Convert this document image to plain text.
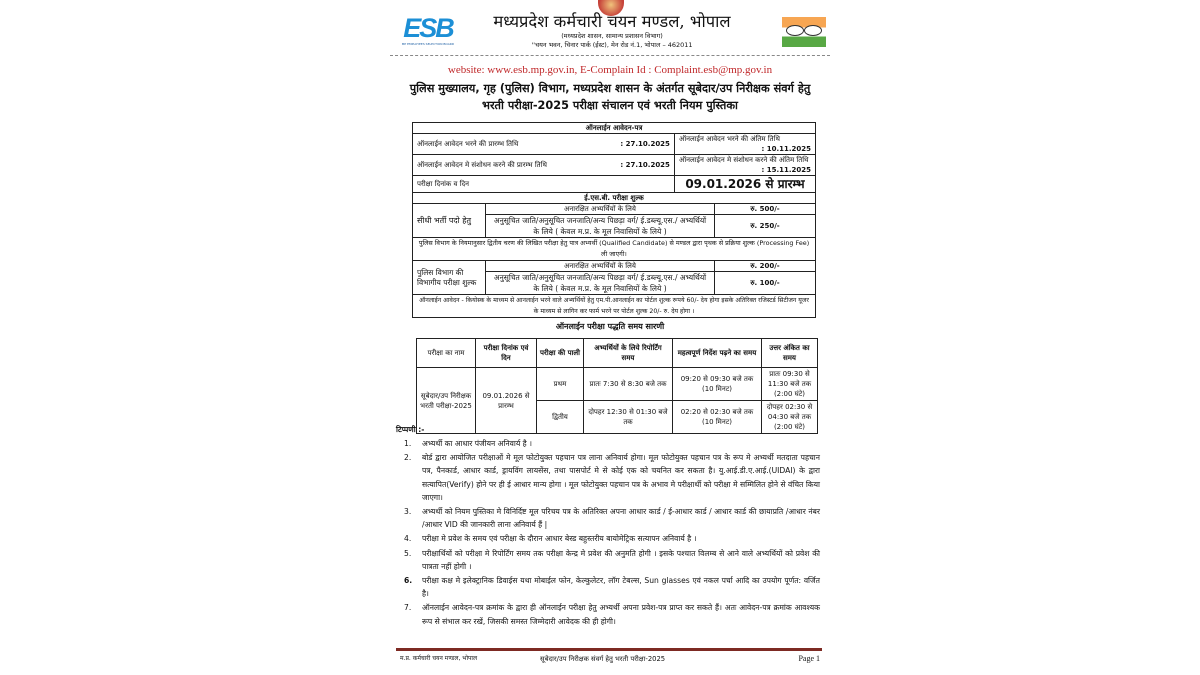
ESB
MP EMPLOYEES SELECTION BOARD
मध्यप्रदेश कर्मचारी चयन मण्डल, भोपाल
(मध्यप्रदेश शासन, सामान्य प्रशासन विभाग)
''चयन भवन, चिनार पार्क (ईस्ट), मेन रोड नं.1, भोपाल – 462011
website: www.esb.mp.gov.in, E-Complain Id : Complaint.esb@mp.gov.in
पुलिस मुख्यालय, गृह (पुलिस) विभाग, मध्यप्रदेश शासन के अंतर्गत सूबेदार/उप निरीक्षक संवर्ग हेतु
भरती परीक्षा-2025 परीक्षा संचालन एवं भरती नियम पुस्तिका
ऑनलाईन आवेदन-पत्र			
ऑनलाईन आवेदन भरने की प्रारम्भ तिथि : 27.10.2025		ऑनलाईन आवेदन भरने की अंतिम तिथि
: 10.11.2025	

ऑनलाईन आवेदन मे संशोधन करने की प्रारम्भ तिथि : 27.10.2025		ऑनलाईन आवेदन मे संशोधन करने की अंतिम तिथि
: 15.11.2025	

परीक्षा दिनांक व दिन		09.01.2026 से प्रारम्भ	
ई.एस.बी. परीक्षा शुल्क			
सीधी भर्ती पदो हेतु	अनारक्षित अभ्यर्थियों के लिये		रु. 500/-
	अनुसूचित जाति/अनुसूचित जनजाति/अन्य पिछड़ा वर्ग/ ई.डब्ल्यू.एस./ अभ्यर्थियों के लिये ( केवल म.प्र. के मूल निवासियों के लिये )		रु. 250/-
पुलिस विभाग के नियमानुसार द्वितीय चरण की लिखित परीक्षा हेतु पात्र अभ्यर्थी (Qualified Candidate) से मण्डल द्वारा पृथक से प्रक्रिया शुल्क (Processing Fee) ली जाएगी।			
पुलिस विभाग की विभागीय परीक्षा शुल्क	अनारक्षित अभ्यर्थियों के लिये		रु. 200/-
	अनुसूचित जाति/अनुसूचित जनजाति/अन्य पिछड़ा वर्ग/ ई.डब्ल्यू.एस./ अभ्यर्थियों के लिये ( केवल म.प्र. के मूल निवासियों के लिये )		रु. 100/-
ऑनलाईन आवेदन - कियोस्क के माध्यम से आनलाईन भरने वाले अभ्यर्थियों हेतु एम.पी.आनलाईन का पोर्टल शुल्क रूपये 60/- देय होगा इसके अतिरिक्त रजिस्टर्ड सिटीजन यूजर के माध्यम से लागिन कर फार्म भरने पर पोर्टल शुल्क 20/- रु. देय होगा ।			
ऑनलाईन परीक्षा पद्धति समय सारणी
परीक्षा का नाम	परीक्षा दिनांक एवं दिन	परीक्षा की पाली	अभ्यर्थियों के लिये रिपोर्टिंग समय	महत्वपूर्ण निर्देश पढ़ने का समय	उत्तर अंकित का समय
सूबेदार/उप निरीक्षक भरती परीक्षा-2025	09.01.2026 से प्रारम्भ	प्रथम	प्रातः 7:30 से 8:30 बजे तक	09:20 से 09:30 बजे तक (10 मिनट)	प्रातः 09:30 से 11:30 बजे तक (2:00 घंटे)
		द्वितीय	दोपहर 12:30 से 01:30 बजे तक	02:20 से 02:30 बजे तक (10 मिनट)	दोपहर 02:30 से 04:30 बजे तक (2:00 घंटे)
टिप्पणी :-
1. अभ्यर्थी का आधार पंजीयन अनिवार्य है ।
2. बोर्ड द्वारा आयोजित परीक्षाओं मे मूल फोटोयुक्त पहचान पत्र लाना अनिवार्य होगा। मूल फोटोयुक्त पहचान पत्र के रूप मे अभ्यर्थी मतदाता पहचान पत्र, पैनकार्ड, आधार कार्ड, ड्रायविंग लायसेंस, तथा पासपोर्ट मे से कोई एक को चयनित कर सकता है। यु.आई.डी.ए.आई.(UIDAI) के द्वारा सत्यापित(Verify) होने पर ही ई आधार मान्य होगा । मूल फोटोयुक्त पहचान पत्र के अभाव मे परीक्षार्थी को परीक्षा मे सम्मिलित होने से वंचित किया जाएगा।
3. अभ्यर्थी को नियम पुस्तिका मे विनिर्दिष्ट मूल परिचय पत्र के अतिरिक्त अपना आधार कार्ड / ई-आधार कार्ड / आधार कार्ड की छायाप्रति /आधार नंबर /आधार VID की जानकारी लाना अनिवार्य हैं |
4. परीक्षा मे प्रवेश के समय एवं परीक्षा के दौरान आधार बेस्ड बहुस्तरीय बायोमेट्रिक सत्यापन अनिवार्य है ।
5. परीक्षार्थियों को परीक्षा मे रिपोर्टिंग समय तक परीक्षा केन्द्र मे प्रवेश की अनुमति होगी । इसके पश्चात विलम्ब से आने वाले अभ्यर्थियों को प्रवेश की पात्रता नहीं होगी ।
6. परीक्षा कक्ष मे इलेक्ट्रानिक डिवाईस यथा मोबाईल फोन, केल्कुलेटर, लॉग टेबल्स, Sun glasses एवं नकल पर्चा आदि का उपयोग पूर्णत: वर्जित है।
7. ऑनलाईन आवेदन-पत्र क्रमांक के द्वारा ही ऑनलाईन परीक्षा हेतु अभ्यर्थी अपना प्रवेश-पत्र प्राप्त कर सकते हैं। अतः आवेदन-पत्र क्रमांक आवश्यक रूप से संभाल कर रखें, जिसकी समस्त जिम्मेदारी आवेदक की ही होगी।
म.प्र. कर्मचारी चयन मण्डल, भोपाल	सूबेदार/उप निरीक्षक संवर्ग हेतु भरती परीक्षा-2025	Page 1
